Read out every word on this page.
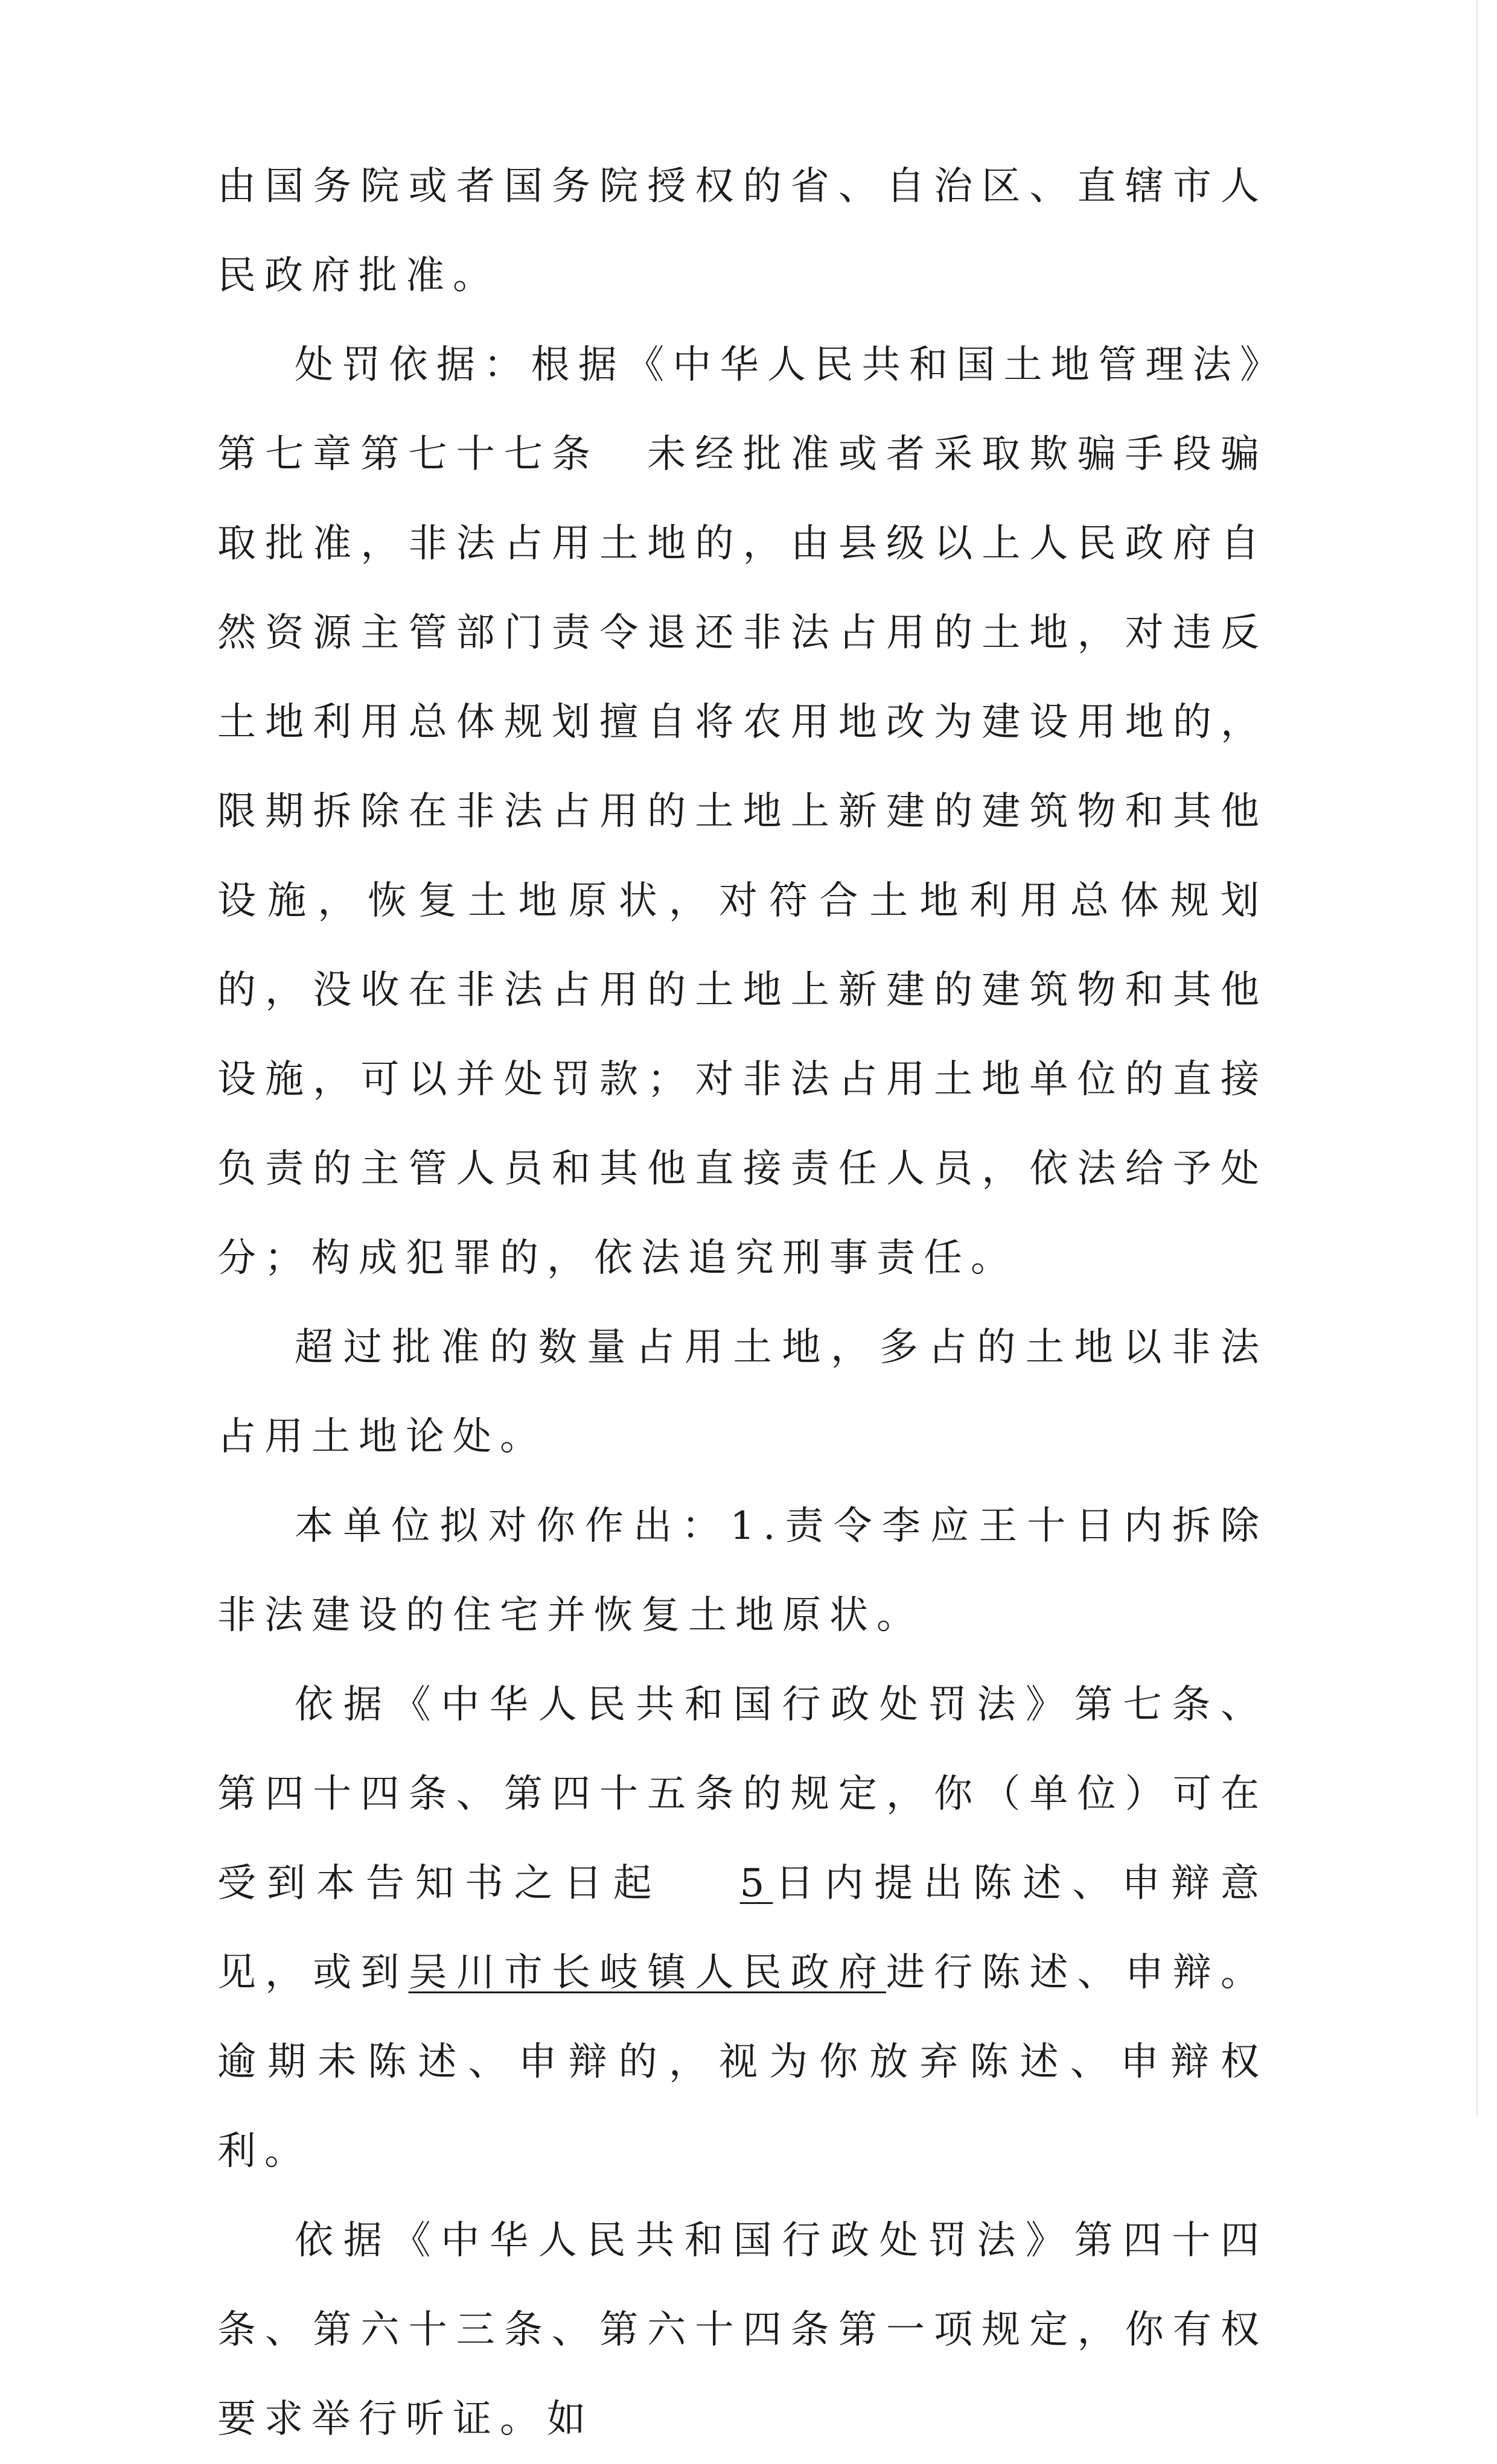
由国务院或者国务院授权的省、自治区、直辖市人民政府批准。

处罚依据：根据《中华人民共和国土地管理法》第七章第七十七条　未经批准或者采取欺骗手段骗取批准，非法占用土地的，由县级以上人民政府自然资源主管部门责令退还非法占用的土地，对违反土地利用总体规划擅自将农用地改为建设用地的，限期拆除在非法占用的土地上新建的建筑物和其他设施，恢复土地原状，对符合土地利用总体规划的，没收在非法占用的土地上新建的建筑物和其他设施，可以并处罚款；对非法占用土地单位的直接负责的主管人员和其他直接责任人员，依法给予处分；构成犯罪的，依法追究刑事责任。

超过批准的数量占用土地，多占的土地以非法占用土地论处。

本单位拟对你作出：1.责令李应王十日内拆除非法建设的住宅并恢复土地原状。

依据《中华人民共和国行政处罚法》第七条、第四十四条、第四十五条的规定，你（单位）可在受到本告知书之日起 5日内提出陈述、申辩意见，或到吴川市长岐镇人民政府进行陈述、申辩。逾期未陈述、申辩的，视为你放弃陈述、申辩权利。

依据《中华人民共和国行政处罚法》第四十四条、第六十三条、第六十四条第一项规定，你有权要求举行听证。如
